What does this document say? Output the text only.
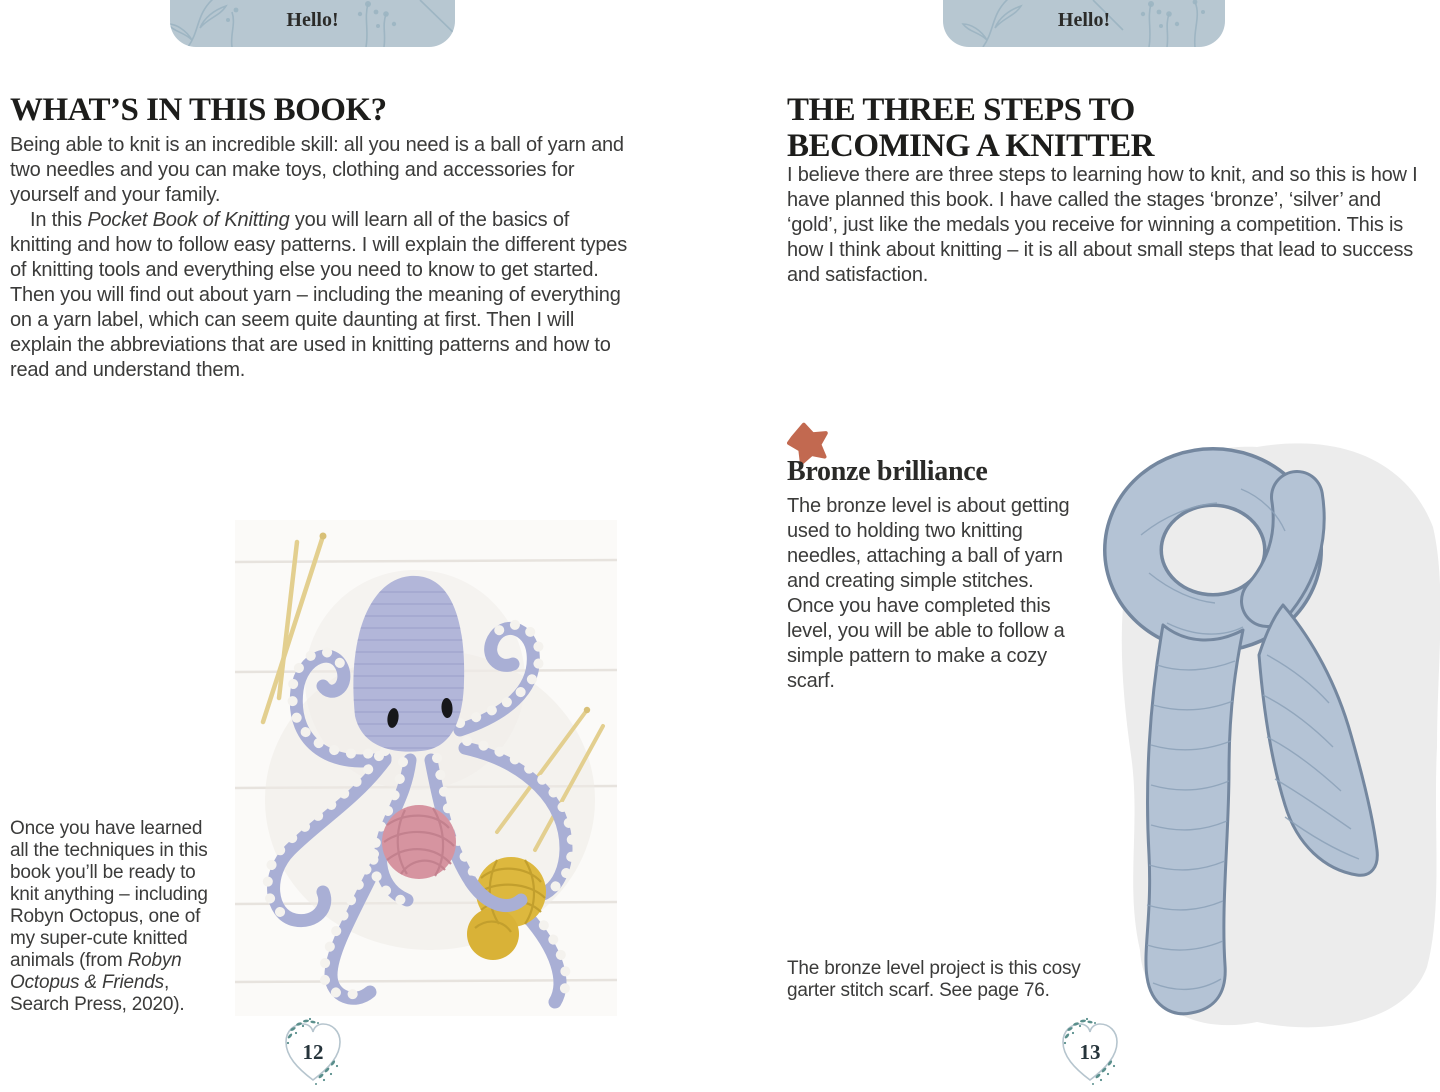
Hello!	Hello!
WHAT’S IN THIS BOOK?

Being able to knit is an incredible skill: all you need is a ball of yarn and two needles and you can make toys, clothing and accessories for yourself and your family.

In this Pocket Book of Knitting you will learn all of the basics of knitting and how to follow easy patterns. I will explain the different types of knitting tools and everything else you need to know to get started. Then you will find out about yarn – including the meaning of everything on a yarn label, which can seem quite daunting at first. Then I will explain the abbreviations that are used in knitting patterns and how to read and understand them.

Once you have learned all the techniques in this book you’ll be ready to knit anything – including Robyn Octopus, one of my super-cute knitted animals (from Robyn Octopus & Friends, Search Press, 2020).

12
THE THREE STEPS TO
BECOMING A KNITTER

I believe there are three steps to learning how to knit, and so this is how I have planned this book. I have called the stages ‘bronze’, ‘silver’ and ‘gold’, just like the medals you receive for winning a competition. This is how I think about knitting – it is all about small steps that lead to success and satisfaction.

Bronze brilliance

The bronze level is about getting used to holding two knitting needles, attaching a ball of yarn and creating simple stitches. Once you have completed this level, you will be able to follow a simple pattern to make a cozy scarf.

The bronze level project is this cosy garter stitch scarf. See page 76.

13
